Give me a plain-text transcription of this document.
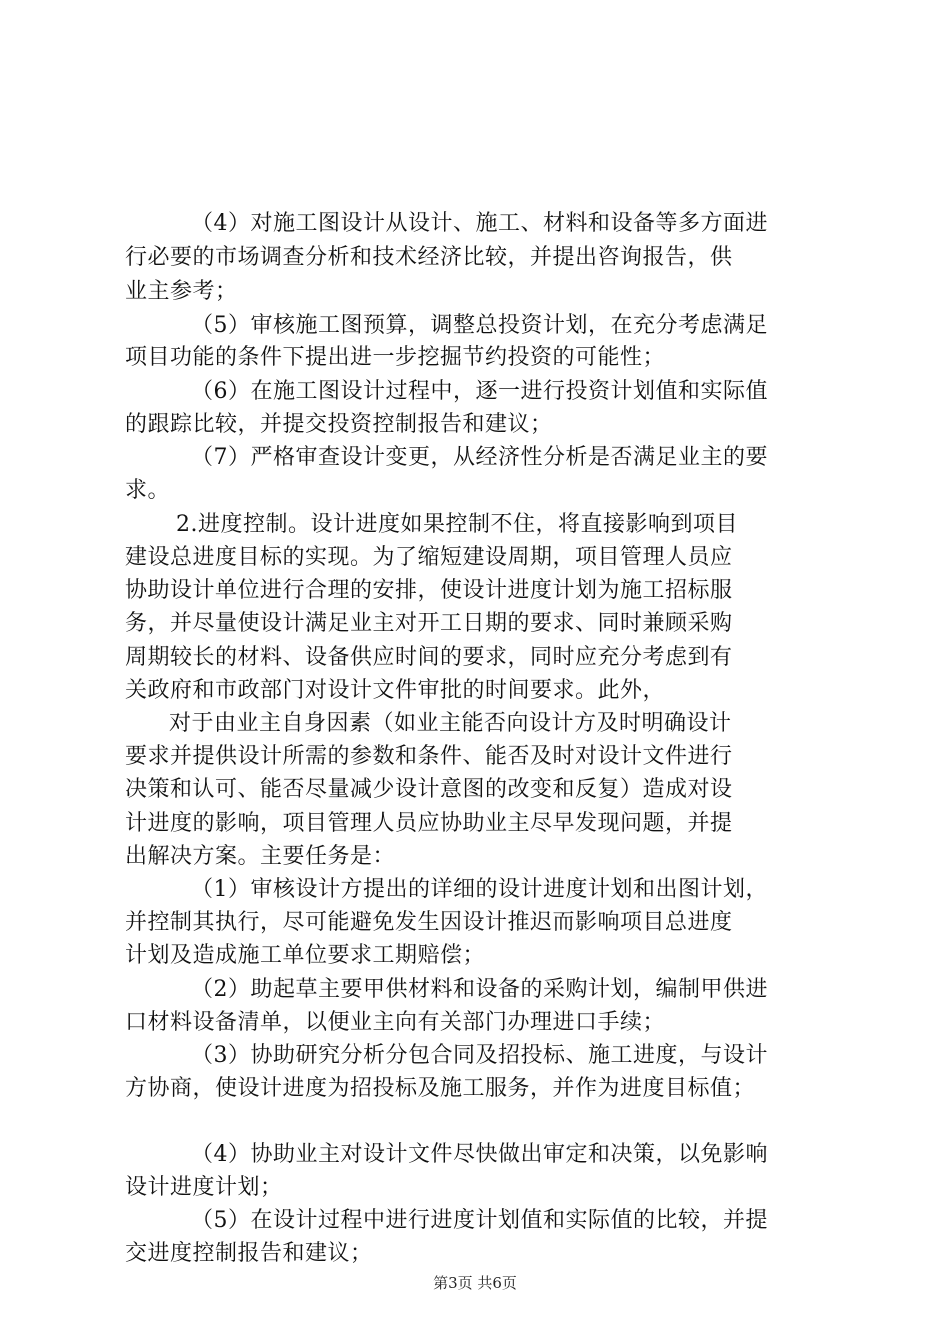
（4）对施工图设计从设计、施工、材料和设备等多方面进
行必要的市场调查分析和技术经济比较，并提出咨询报告，供
业主参考；
（5）审核施工图预算，调整总投资计划，在充分考虑满足
项目功能的条件下提出进一步挖掘节约投资的可能性；
（6）在施工图设计过程中，逐一进行投资计划值和实际值
的跟踪比较，并提交投资控制报告和建议；
（7）严格审查设计变更，从经济性分析是否满足业主的要
求。
2.进度控制。设计进度如果控制不住，将直接影响到项目
建设总进度目标的实现。为了缩短建设周期，项目管理人员应
协助设计单位进行合理的安排，使设计进度计划为施工招标服
务，并尽量使设计满足业主对开工日期的要求、同时兼顾采购
周期较长的材料、设备供应时间的要求，同时应充分考虑到有
关政府和市政部门对设计文件审批的时间要求。此外，
对于由业主自身因素（如业主能否向设计方及时明确设计
要求并提供设计所需的参数和条件、能否及时对设计文件进行
决策和认可、能否尽量减少设计意图的改变和反复）造成对设
计进度的影响，项目管理人员应协助业主尽早发现问题，并提
出解决方案。主要任务是：
（1）审核设计方提出的详细的设计进度计划和出图计划，
并控制其执行，尽可能避免发生因设计推迟而影响项目总进度
计划及造成施工单位要求工期赔偿；
（2）助起草主要甲供材料和设备的采购计划，编制甲供进
口材料设备清单，以便业主向有关部门办理进口手续；
（3）协助研究分析分包合同及招投标、施工进度，与设计
方协商，使设计进度为招投标及施工服务，并作为进度目标值；
（4）协助业主对设计文件尽快做出审定和决策，以免影响
设计进度计划；
（5）在设计过程中进行进度计划值和实际值的比较，并提
交进度控制报告和建议；
第3页 共6页
